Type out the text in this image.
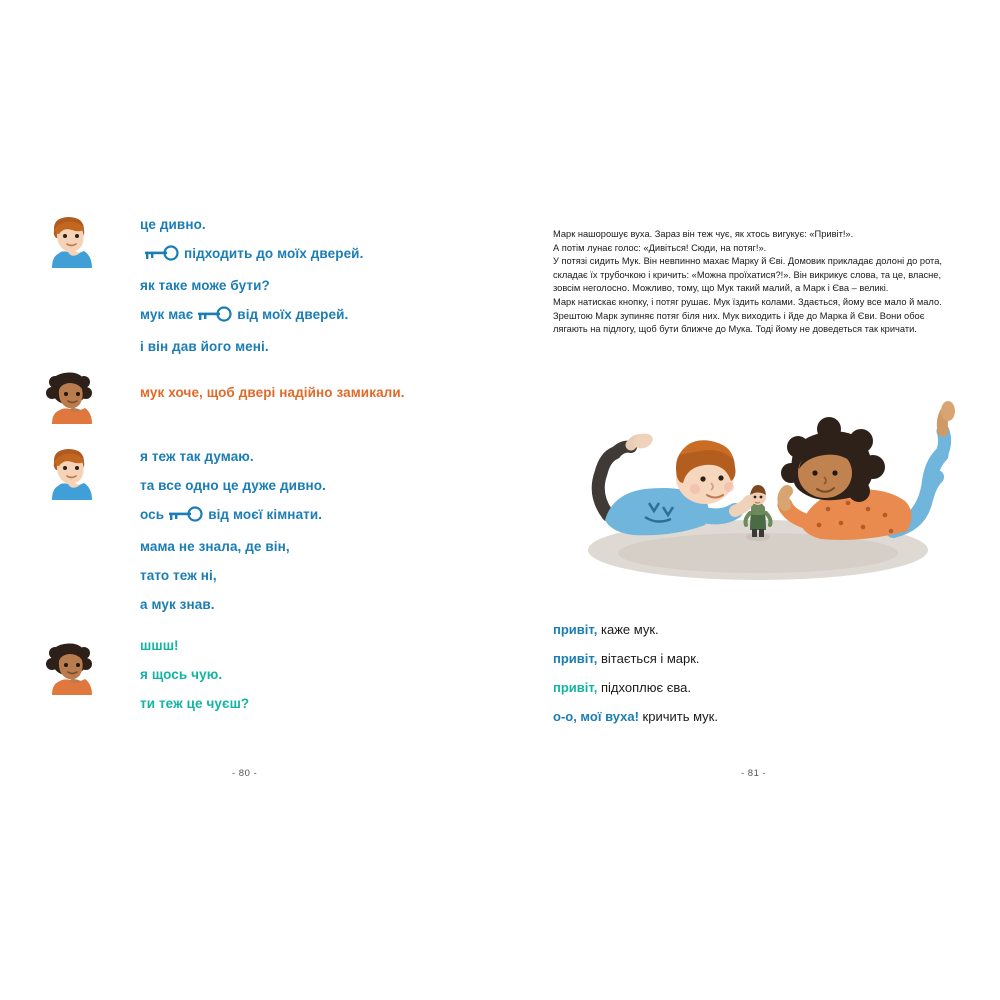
це дивно.
підходить до моїх дверей.
як таке може бути?
мук має	від моїх дверей.
і він дав його мені.
мук хоче, щоб двері надійно замикали.
я теж так думаю.
та все одно це дуже дивно.
ось	від моєї кімнати.
мама не знала, де він,
тато теж ні,
а мук знав.
шшш!
я щось чую.
ти теж це чуєш?
- 80 -

Марк нашорошує вуха. Зараз він теж чує, як хтось вигукує: «Привіт!».

А потім лунає голос: «Дивіться! Сюди, на потяг!».

У потязі сидить Мук. Він невпинно махає Марку й Єві. Домовик прикладає долоні до рота, складає їх трубочкою і кричить: «Можна проїхатися?!». Він викрикує слова, та це, власне, зовсім неголосно. Можливо, тому, що Мук такий малий, а Марк і Єва – великі.

Марк натискає кнопку, і потяг рушає. Мук їздить колами. Здається, йому все мало й мало. Зрештою Марк зупиняє потяг біля них. Мук виходить і йде до Марка й Єви. Вони обоє лягають на підлогу, щоб бути ближче до Мука. Тоді йому не доведеться так кричати.

привіт, каже мук.
привіт, вітається і марк.
привіт, підхоплює єва.
о-о, мої вуха! кричить мук.
- 81 -
